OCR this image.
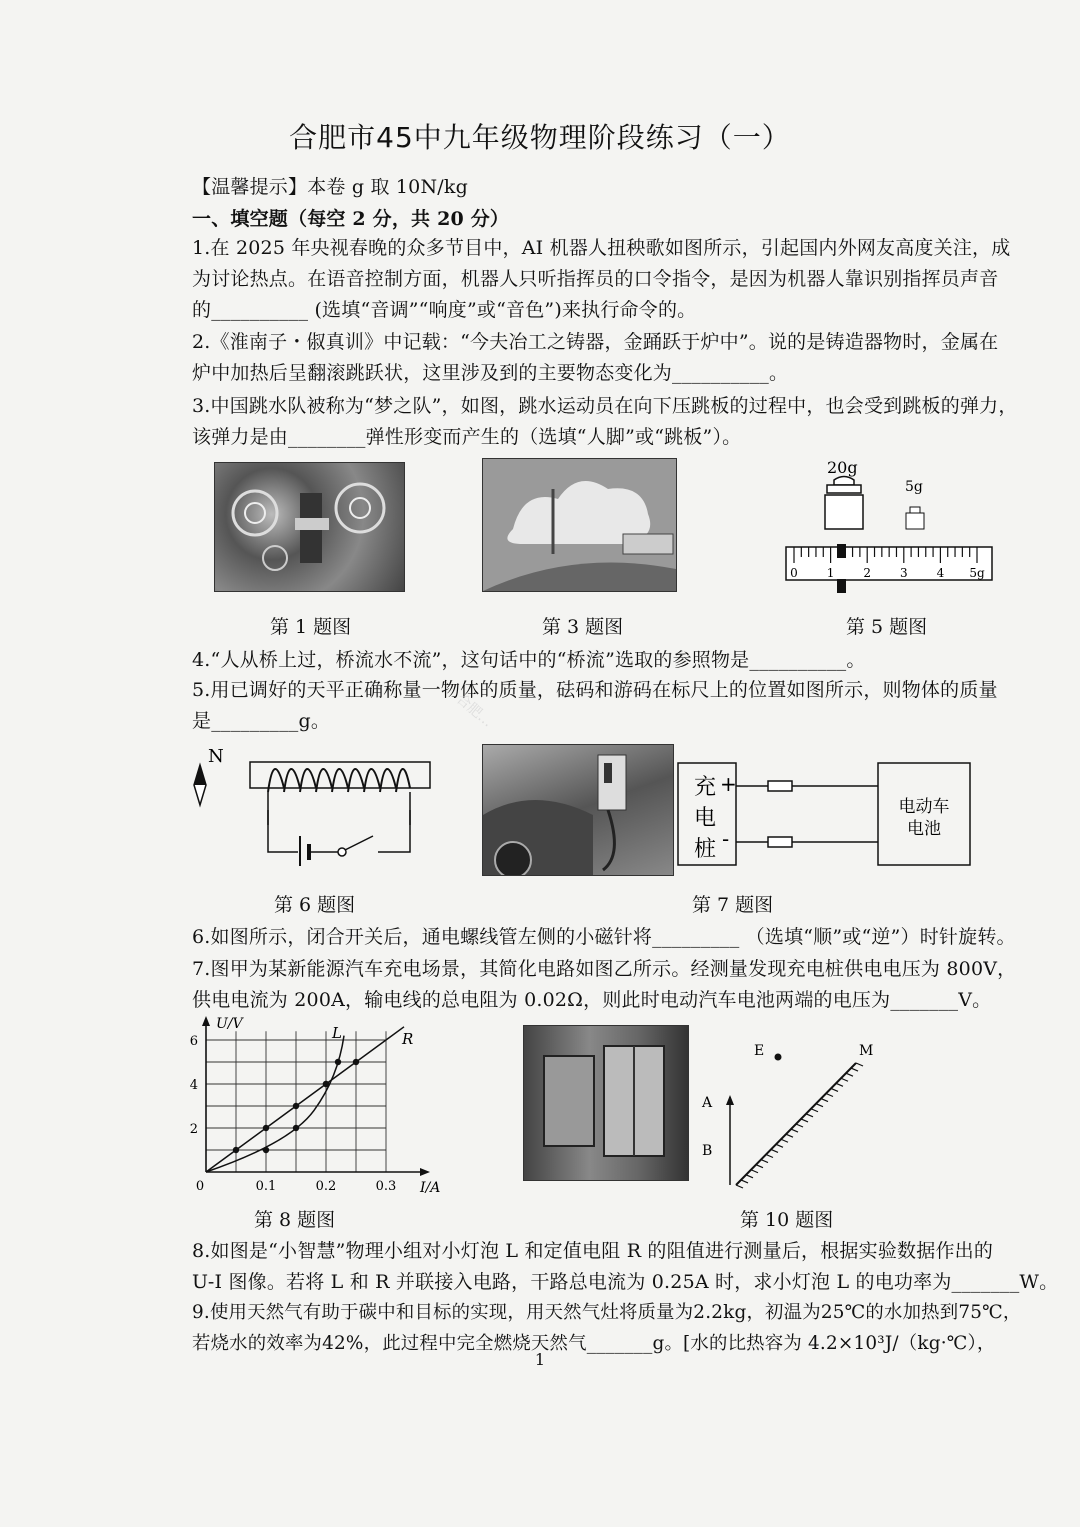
合肥市45中九年级物理阶段练习（一）
【温馨提示】本卷 g 取 10N/kg
一、填空题（每空 2 分，共 20 分）
1.在 2025 年央视春晚的众多节目中，AI 机器人扭秧歌如图所示，引起国内外网友高度关注，成
为讨论热点。在语音控制方面，机器人只听指挥员的口令指令，是因为机器人靠识别指挥员声音
的__________ (选填“音调”“响度”或“音色”)来执行命令的。
2.《淮南子・俶真训》中记载：“今夫冶工之铸器，金踊跃于炉中”。说的是铸造器物时，金属在
炉中加热后呈翻滚跳跃状，这里涉及到的主要物态变化为__________。
3.中国跳水队被称为“梦之队”，如图，跳水运动员在向下压跳板的过程中，也会受到跳板的弹力，
该弹力是由________弹性形变而产生的（选填“人脚”或“跳板”）。
20g
5g
0 1 2 3 4 5g
第 1 题图	第 3 题图	第 5 题图
4.“人从桥上过，桥流水不流”，这句话中的“桥流”选取的参照物是__________。
5.用已调好的天平正确称量一物体的质量，砝码和游码在标尺上的位置如图所示，则物体的质量
是_________g。	合肥…
N
充
电
桩
+
-
电动车
电池
第 6 题图	第 7 题图
6.如图所示，闭合开关后，通电螺线管左侧的小磁针将_________ （选填“顺”或“逆”）时针旋转。
7.图甲为某新能源汽车充电场景，其简化电路如图乙所示。经测量发现充电桩供电电压为 800V，
供电电流为 200A，输电线的总电阻为 0.02Ω，则此时电动汽车电池两端的电压为_______V。
R
L
U/V
I/A
0	0.1	0.2	0.3
2
4
6
E	M
A
B
第 8 题图	第 10 题图
8.如图是“小智慧”物理小组对小灯泡 L 和定值电阻 R 的阻值进行测量后，根据实验数据作出的
U-I 图像。若将 L 和 R 并联接入电路，干路总电流为 0.25A 时，求小灯泡 L 的电功率为_______W。
9.使用天然气有助于碳中和目标的实现，用天然气灶将质量为2.2kg，初温为25℃的水加热到75℃，
若烧水的效率为42%，此过程中完全燃烧天然气_______g。[水的比热容为 4.2×10³J/（kg·℃），
1
